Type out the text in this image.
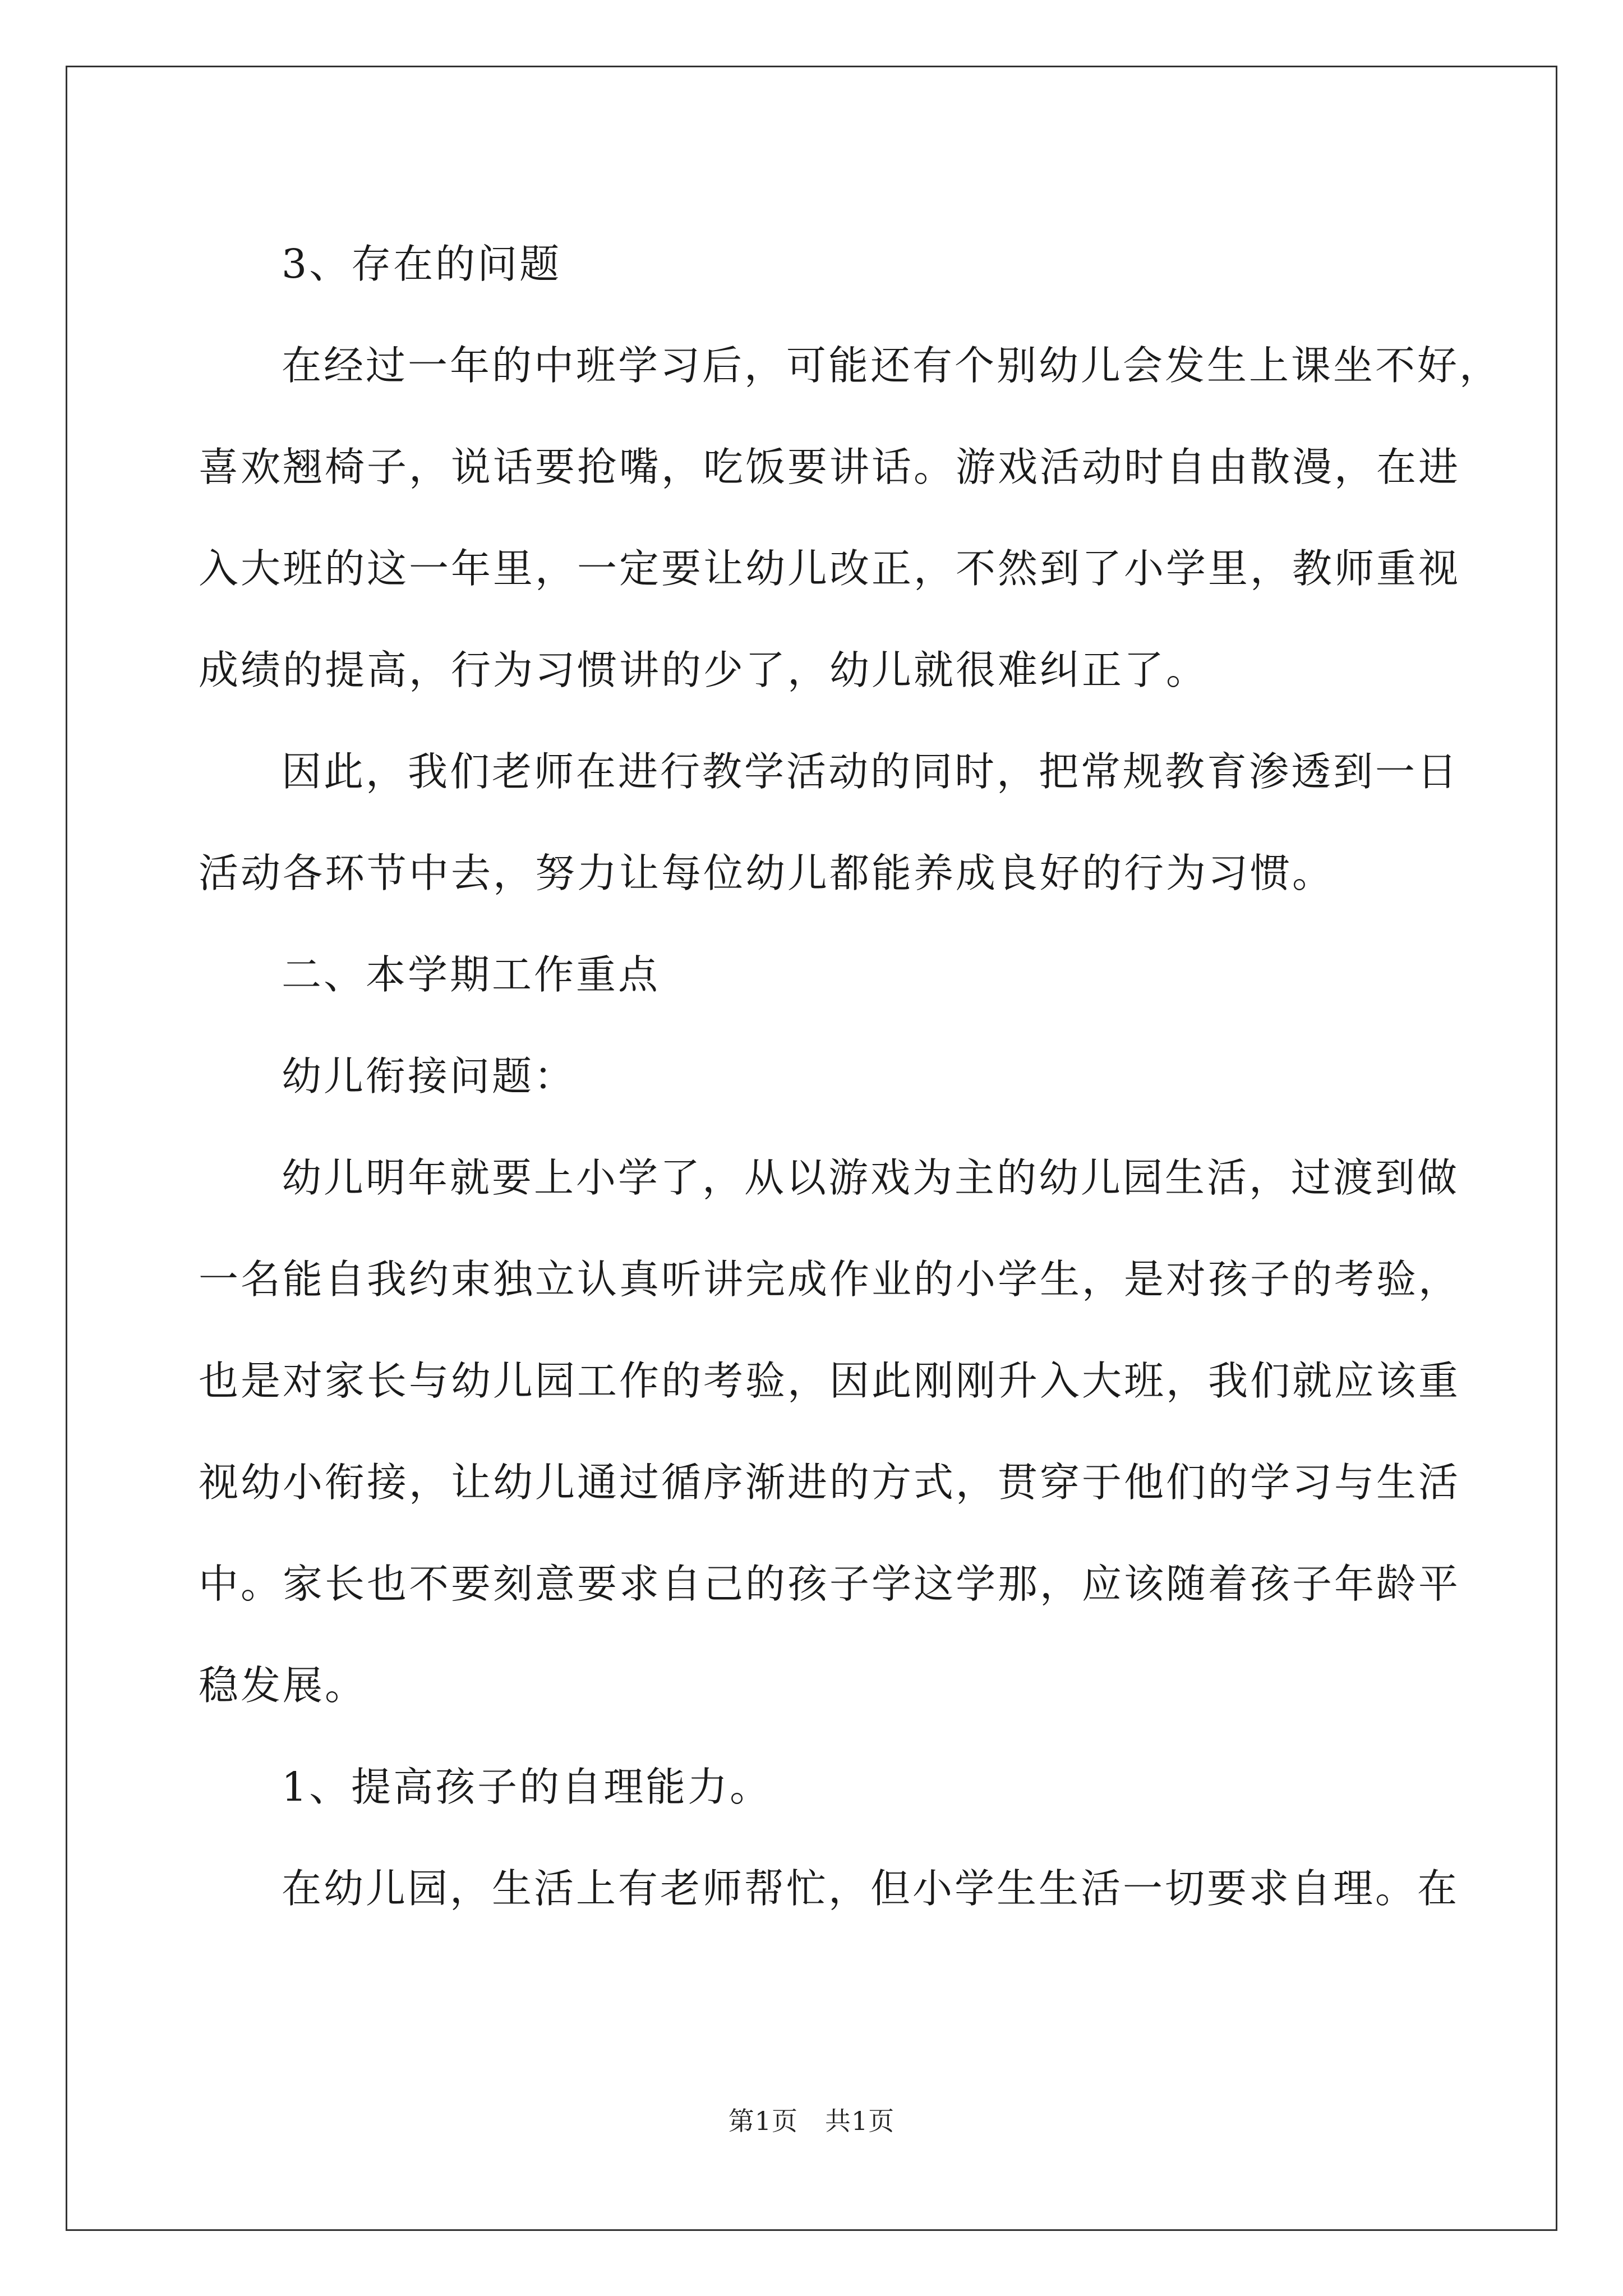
3、存在的问题

在经过一年的中班学习后，可能还有个别幼儿会发生上课坐不好，

喜欢翘椅子，说话要抢嘴，吃饭要讲话。游戏活动时自由散漫，在进

入大班的这一年里，一定要让幼儿改正，不然到了小学里，教师重视

成绩的提高，行为习惯讲的少了，幼儿就很难纠正了。

因此，我们老师在进行教学活动的同时，把常规教育渗透到一日

活动各环节中去，努力让每位幼儿都能养成良好的行为习惯。

二、本学期工作重点

幼儿衔接问题：

幼儿明年就要上小学了，从以游戏为主的幼儿园生活，过渡到做

一名能自我约束独立认真听讲完成作业的小学生，是对孩子的考验，

也是对家长与幼儿园工作的考验，因此刚刚升入大班，我们就应该重

视幼小衔接，让幼儿通过循序渐进的方式，贯穿于他们的学习与生活

中。家长也不要刻意要求自己的孩子学这学那，应该随着孩子年龄平

稳发展。

1、提高孩子的自理能力。

在幼儿园，生活上有老师帮忙，但小学生生活一切要求自理。在

第1页 共1页
